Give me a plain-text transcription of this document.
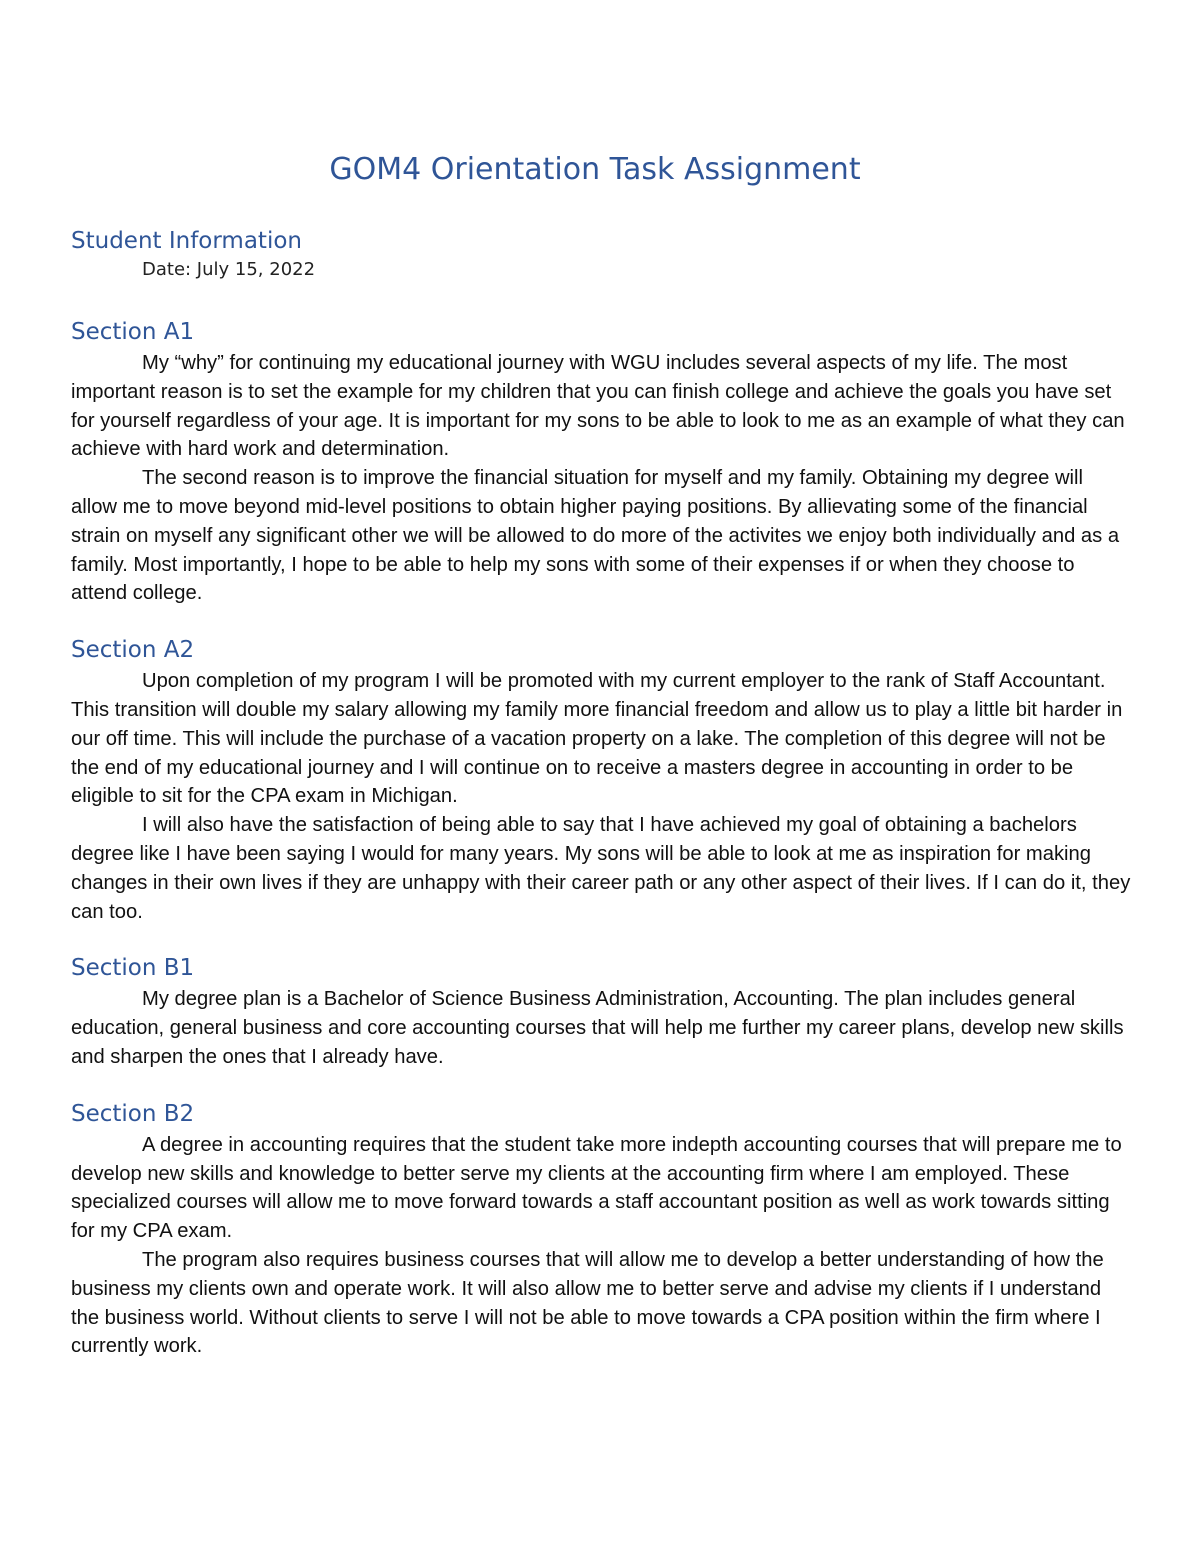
GOM4 Orientation Task Assignment
Student Information

Date: July 15, 2022

Section A1

My “why” for continuing my educational journey with WGU includes several aspects of my life. The most important reason is to set the example for my children that you can finish college and achieve the goals you have set for yourself regardless of your age. It is important for my sons to be able to look to me as an example of what they can achieve with hard work and determination.

The second reason is to improve the financial situation for myself and my family. Obtaining my degree will allow me to move beyond mid-level positions to obtain higher paying positions. By allievating some of the financial strain on myself any significant other we will be allowed to do more of the activites we enjoy both individually and as a family. Most importantly, I hope to be able to help my sons with some of their expenses if or when they choose to attend college.

Section A2

Upon completion of my program I will be promoted with my current employer to the rank of Staff Accountant. This transition will double my salary allowing my family more financial freedom and allow us to play a little bit harder in our off time. This will include the purchase of a vacation property on a lake. The completion of this degree will not be the end of my educational journey and I will continue on to receive a masters degree in accounting in order to be eligible to sit for the CPA exam in Michigan.

I will also have the satisfaction of being able to say that I have achieved my goal of obtaining a bachelors degree like I have been saying I would for many years. My sons will be able to look at me as inspiration for making changes in their own lives if they are unhappy with their career path or any other aspect of their lives. If I can do it, they can too.

Section B1

My degree plan is a Bachelor of Science Business Administration, Accounting. The plan includes general education, general business and core accounting courses that will help me further my career plans, develop new skills and sharpen the ones that I already have.

Section B2

A degree in accounting requires that the student take more indepth accounting courses that will prepare me to develop new skills and knowledge to better serve my clients at the accounting firm where I am employed. These specialized courses will allow me to move forward towards a staff accountant position as well as work towards sitting for my CPA exam.

The program also requires business courses that will allow me to develop a better understanding of how the business my clients own and operate work. It will also allow me to better serve and advise my clients if I understand the business world. Without clients to serve I will not be able to move towards a CPA position within the firm where I currently work.
